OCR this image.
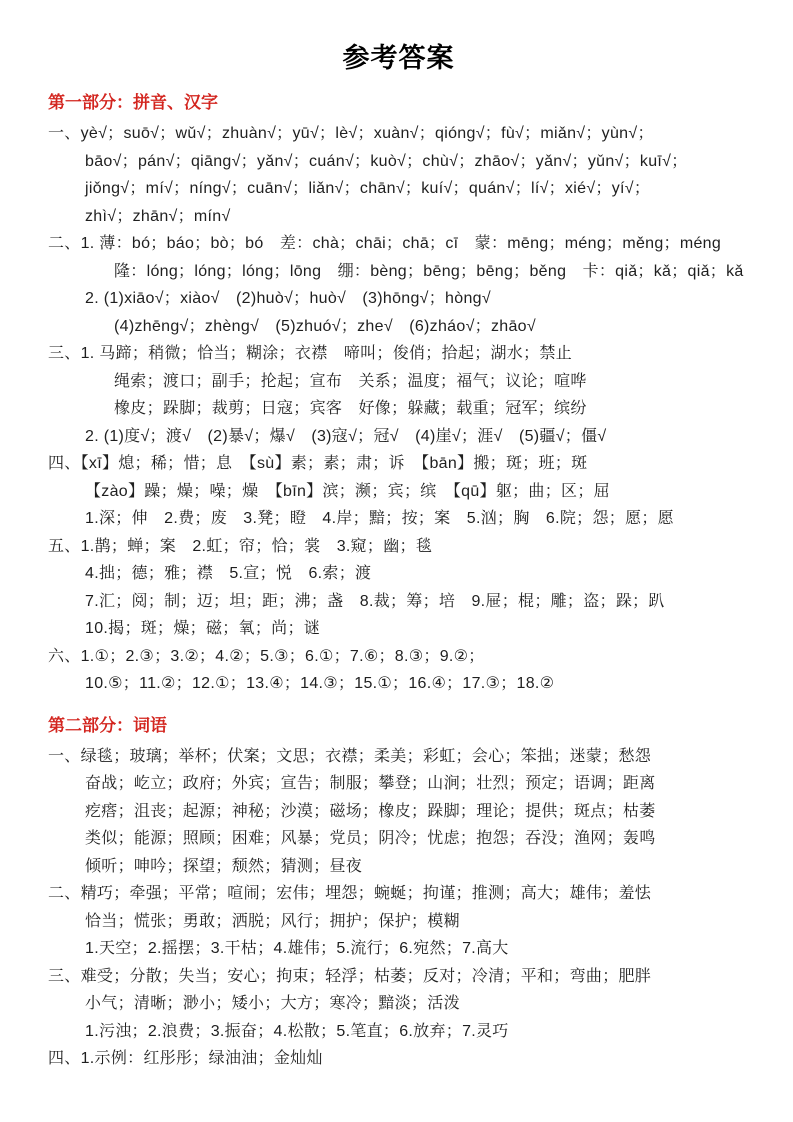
参考答案
第一部分：拼音、汉字
一、yè√；suō√；wǔ√；zhuàn√；yū√；lè√；xuàn√；qióng√；fù√；miǎn√；yùn√；
bāo√；pán√；qiāng√；yǎn√；cuán√；kuò√；chù√；zhāo√；yǎn√；yǔn√；kuī√；
jiǒng√；mí√；níng√；cuān√；liǎn√；chān√；kuí√；quán√；lí√；xié√；yí√；
zhì√；zhān√；mín√
二、1. 薄：bó；báo；bò；bó　差：chà；chāi；chā；cī　蒙：mēng；méng；měng；méng
隆：lóng；lóng；lóng；lōng　绷：bèng；bēng；bēng；běng　卡：qiǎ；kǎ；qiǎ；kǎ
2. (1)xiāo√；xiào√　(2)huò√；huò√　(3)hōng√；hòng√
(4)zhēng√；zhèng√　(5)zhuó√；zhe√　(6)zháo√；zhāo√
三、1. 马蹄；稍微；恰当；糊涂；衣襟　啼叫；俊俏；拾起；湖水；禁止
绳索；渡口；副手；抡起；宣布　关系；温度；福气；议论；喧哗
橡皮；跺脚；裁剪；日寇；宾客　好像；躲藏；载重；冠军；缤纷
2. (1)度√；渡√　(2)暴√；爆√　(3)寇√；冠√　(4)崖√；涯√　(5)疆√；僵√
四、【xī】熄；稀；惜；息　【sù】素；素；肃；诉　【bān】搬；斑；班；斑
【zào】躁；燥；噪；燥　【bīn】滨；濒；宾；缤　【qū】躯；曲；区；屈
1.深；伸　2.费；废　3.凳；瞪　4.岸；黯；按；案　5.汹；胸　6.院；怨；愿；愿
五、1.鹊；蝉；案　2.虹；帘；恰；裳　3.窥；幽；毯
4.拙；德；雅；襟　5.宣；悦　6.索；渡
7.汇；阅；制；迈；坦；距；沸；盏　8.裁；筹；培　9.屉；棍；雕；盗；跺；趴
10.揭；斑；燥；磁；氧；尚；谜
六、1.①；2.③；3.②；4.②；5.③；6.①；7.⑥；8.③；9.②；
10.⑤；11.②；12.①；13.④；14.③；15.①；16.④；17.③；18.②
第二部分：词语
一、绿毯；玻璃；举杯；伏案；文思；衣襟；柔美；彩虹；会心；笨拙；迷蒙；愁怨
奋战；屹立；政府；外宾；宣告；制服；攀登；山涧；壮烈；预定；语调；距离
疙瘩；沮丧；起源；神秘；沙漠；磁场；橡皮；跺脚；理论；提供；斑点；枯萎
类似；能源；照顾；困难；风暴；党员；阴冷；忧虑；抱怨；吞没；渔网；轰鸣
倾听；呻吟；探望；颓然；猜测；昼夜
二、精巧；牵强；平常；喧闹；宏伟；埋怨；蜿蜒；拘谨；推测；高大；雄伟；羞怯
恰当；慌张；勇敢；洒脱；风行；拥护；保护；模糊
1.天空；2.摇摆；3.干枯；4.雄伟；5.流行；6.宛然；7.高大
三、难受；分散；失当；安心；拘束；轻浮；枯萎；反对；冷清；平和；弯曲；肥胖
小气；清晰；渺小；矮小；大方；寒冷；黯淡；活泼
1.污浊；2.浪费；3.振奋；4.松散；5.笔直；6.放弃；7.灵巧
四、1.示例：红彤彤；绿油油；金灿灿
